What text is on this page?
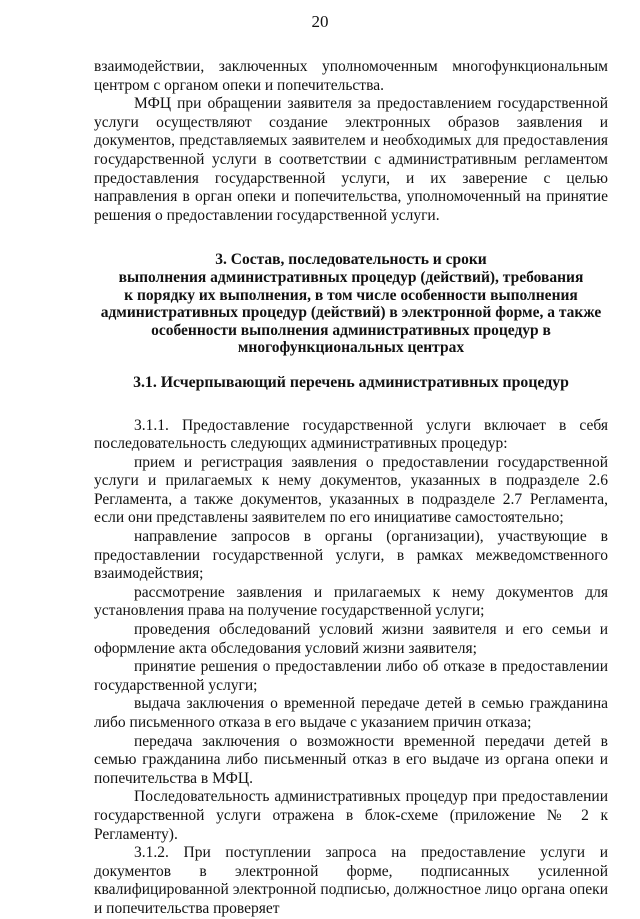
20

взаимодействии, заключенных уполномоченным многофункциональным центром с органом опеки и попечительства.

МФЦ при обращении заявителя за предоставлением государственной услуги осуществляют создание электронных образов заявления и документов, представляемых заявителем и необходимых для предоставления государственной услуги в соответствии с административным регламентом предоставления государственной услуги, и их заверение с целью направления в орган опеки и попечительства, уполномоченный на принятие решения о предоставлении государственной услуги.

3. Состав, последовательность и сроки
выполнения административных процедур (действий), требования
к порядку их выполнения, в том числе особенности выполнения
административных процедур (действий) в электронной форме, а также
особенности выполнения административных процедур в
многофункциональных центрах
3.1. Исчерпывающий перечень административных процедур

3.1.1. Предоставление государственной услуги включает в себя последовательность следующих административных процедур:

прием и регистрация заявления о предоставлении государственной услуги и прилагаемых к нему документов, указанных в подразделе 2.6 Регламента, а также документов, указанных в подразделе 2.7 Регламента, если они представлены заявителем по его инициативе самостоятельно;

направление запросов в органы (организации), участвующие в предоставлении государственной услуги, в рамках межведомственного взаимодействия;

рассмотрение заявления и прилагаемых к нему документов для установления права на получение государственной услуги;

проведения обследований условий жизни заявителя и его семьи и оформление акта обследования условий жизни заявителя;

принятие решения о предоставлении либо об отказе в предоставлении государственной услуги;

выдача заключения о временной передаче детей в семью гражданина либо письменного отказа в его выдаче с указанием причин отказа;

передача заключения о возможности временной передачи детей в семью гражданина либо письменный отказ в его выдаче из органа опеки и попечительства в МФЦ.

Последовательность административных процедур при предоставлении государственной услуги отражена в блок-схеме (приложение № 2 к Регламенту).

3.1.2. При поступлении запроса на предоставление услуги и документов в электронной форме, подписанных усиленной квалифицированной электронной подписью, должностное лицо органа опеки и попечительства проверяет
